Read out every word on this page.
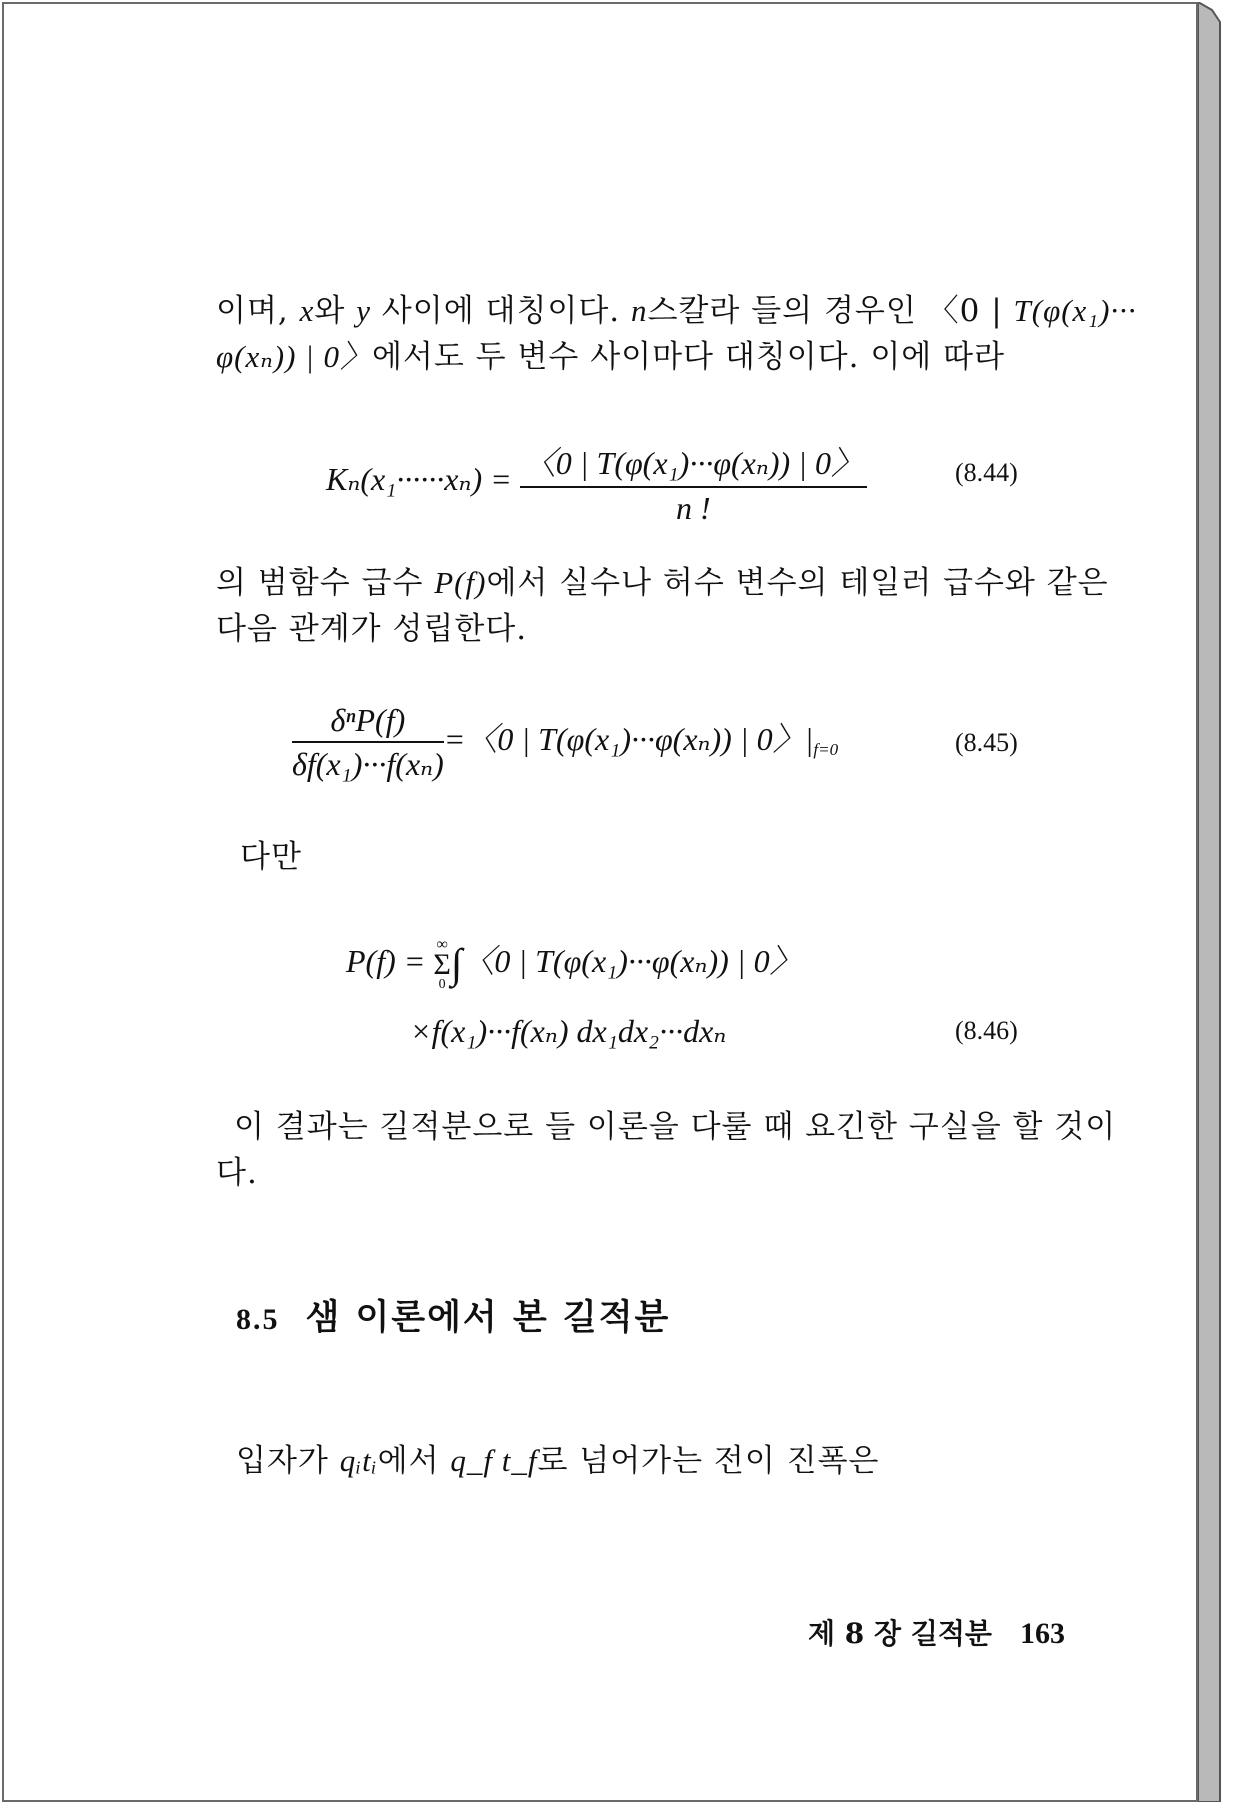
이며, x와 y 사이에 대칭이다. n스칼라 들의 경우인 〈0 | T(φ(x₁)···
φ(xₙ)) | 0〉에서도 두 변수 사이마다 대칭이다. 이에 따라
$K_n(x_1\cdot\cdot\cdot\cdot\cdot\cdot x_n) = \frac{\text{〈0 | T(φ(x₁)···φ(xₙ)) | 0〉}}{n !}$	(8.44)
의 범함수 급수 P(f)에서 실수나 허수 변수의 테일러 급수와 같은
다음 관계가 성립한다.
$\frac{\text{δⁿP(f)}}{\text{δf(x₁)···f(xₙ)}}$ =〈0 | T(φ(x₁)···φ(xₙ)) | 0〉$|_{f=0}$	(8.45)
다만
P(f) = ∞
Σ
0 ∫〈0 | T(φ(x₁)···φ(xₙ)) | 0〉
×f(x₁)···f(xₙ) dx₁dx₂···dxₙ	(8.46)
이 결과는 길적분으로 들 이론을 다룰 때 요긴한 구실을 할 것이
다.
8.5 샘 이론에서 본 길적분
입자가 qᵢtᵢ에서 q_f t_f로 넘어가는 전이 진폭은
제 8 장 길적분 163
